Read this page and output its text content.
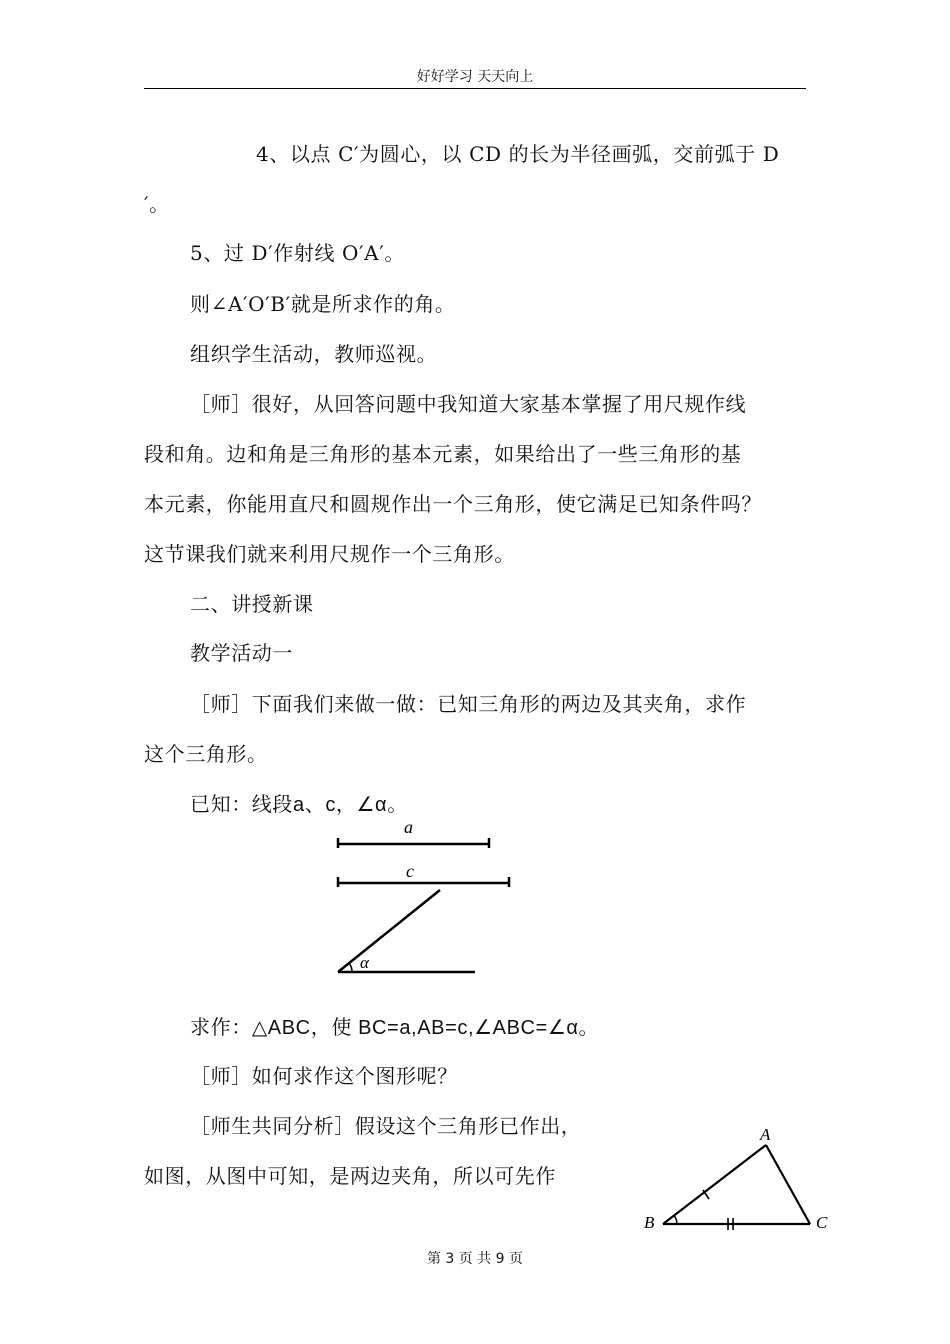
好好学习 天天向上
4、以点 C′为圆心，以 CD 的长为半径画弧，交前弧于 D
′。
5、过 D′作射线 O′A′。
则∠A′O′B′就是所求作的角。
组织学生活动，教师巡视。
［师］很好，从回答问题中我知道大家基本掌握了用尺规作线
段和角。边和角是三角形的基本元素，如果给出了一些三角形的基
本元素，你能用直尺和圆规作出一个三角形，使它满足已知条件吗？
这节课我们就来利用尺规作一个三角形。
二、讲授新课
教学活动一
［师］下面我们来做一做：已知三角形的两边及其夹角，求作
这个三角形。
已知：线段a、c，∠α。
a
c
α
求作：△ABC，使 BC=a,AB=c,∠ABC=∠α。
［师］如何求作这个图形呢？
［师生共同分析］假设这个三角形已作出，
如图，从图中可知，是两边夹角，所以可先作
A
B	C
第 3 页 共 9 页
